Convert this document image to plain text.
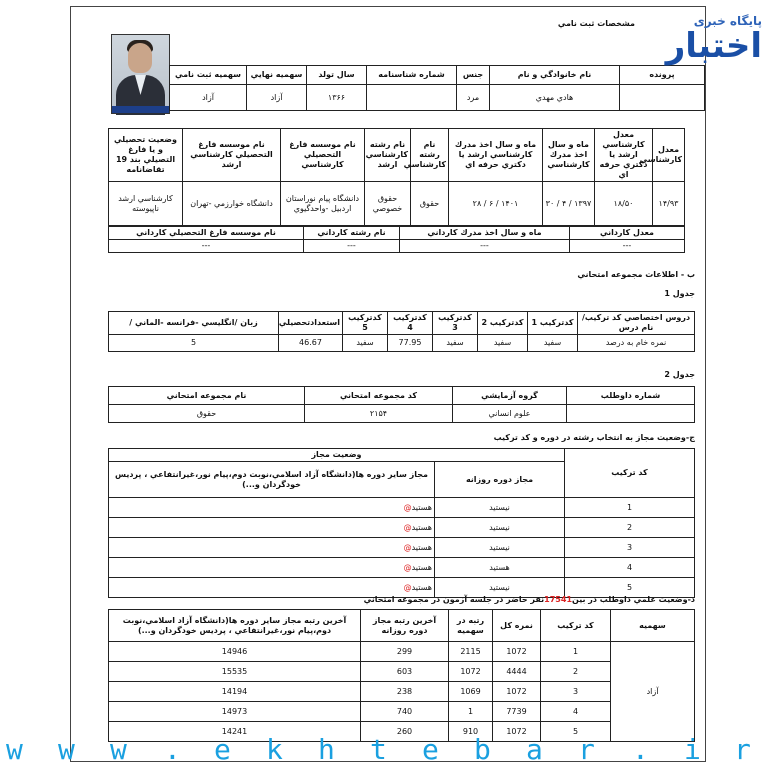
مشخصات ثبت نامي
پرونده	نام خانوادگي و نام	جنس	شماره شناسنامه	سال تولد	سهميه نهايي	سهميه ثبت نامي
	هادي مهدي	مرد		۱۳۶۶	آزاد	آزاد
معدل كارشناسي	معدل كارشناسي ارشد يا دكتري حرفه اي	ماه و سال اخذ مدرك كارشناسي	ماه و سال اخذ مدرك كارشناسي ارشد يا دكتري حرفه اي	نام رشته كارشناسي	نام رشته كارشناسي ارشد	نام موسسه فارغ التحصيلي كارشناسي	نام موسسه فارغ التحصيلي كارشناسي ارشد	وضعيت تحصيلي و يا فارغ التصيلي بند 19 تقاضانامه
۱۴/۹۳	۱۸/۵۰	۱۳۹۷ / ۴ / ۳۰	۱۴۰۱ / ۶ / ۲۸	حقوق	حقوق خصوصي	دانشگاه پيام نوراستان اردبيل -واحدگيوي	دانشگاه خوارزمي -تهران	كارشناسي ارشد ناپيوسته
معدل كارداني	ماه و سال اخذ مدرك كارداني	نام رشته كارداني	نام موسسه فارغ التحصيلي كارداني
---	---	---	---
ب - اطلاعات مجموعه امتحاني
جدول 1
دروس اختصاصي كد تركيب/نام درس	كدتركيب 1	كدتركيب 2	كدتركيب 3	كدتركيب 4	كدتركيب 5	استعدادتحصيلي	زبان /انگليسي -فرانسه -الماني /
نمره خام به درصد	سفيد	سفيد	سفيد	77.95	سفيد	46.67	5
جدول 2
شماره داوطلب	گروه آزمايشي	كد مجموعه امتحاني	نام مجموعه امتحاني
	علوم انساني	۲۱۵۴	حقوق
ج-وضعيت مجاز به انتخاب رشته در دوره و كد تركيب
كد تركيب	وضعيت مجاز	
	مجاز دوره روزانه	مجاز ساير دوره ها(دانشگاه آزاد اسلامي،نوبت دوم،پيام نور،غيرانتفاعي ، پرديس خودگردان و...)
1	نيستيد	هستيد@
2	نيستيد	هستيد@
3	نيستيد	هستيد@
4	هستيد	هستيد@
5	نيستيد	هستيد@
د-وضعيت علمي داوطلب در بين17541نفر حاضر در جلسه آزمون در مجموعه امتحاني
سهميه	كد تركيب	نمره كل	رتبه در سهميه	آخرين رتبه مجاز دوره روزانه	آخرين رتبه مجاز ساير دوره ها(دانشگاه آزاد اسلامي،نوبت دوم،پيام نور،غيرانتفاعي ، پرديس خودگردان و...)
آزاد	1	1072	2115	299	14946
	2	4444	1072	603	15535
	3	1072	1069	238	14194
	4	7739	1	740	14973
	5	1072	910	260	14241
پایگاه خبری
اختبار
w w w . e k h t e b a r . i r
